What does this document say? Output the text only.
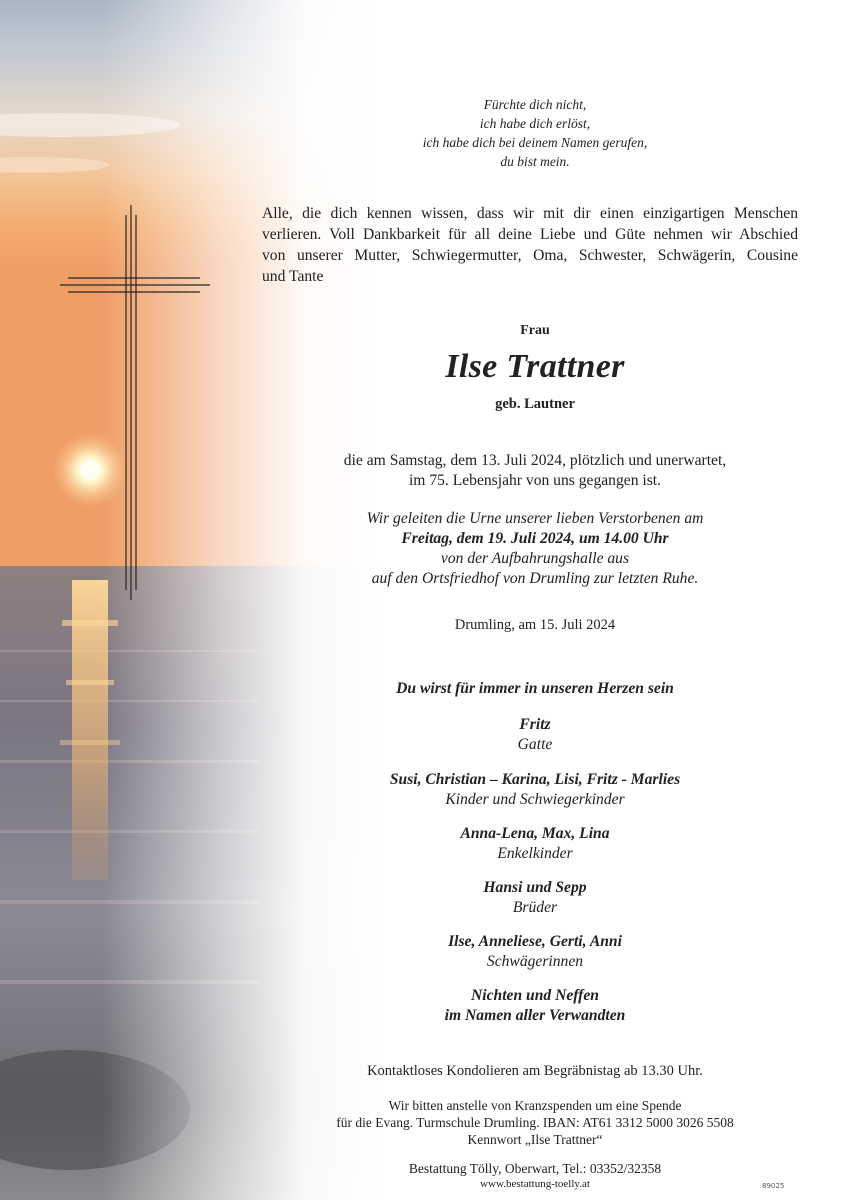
Fürchte dich nicht,
ich habe dich erlöst,
ich habe dich bei deinem Namen gerufen,
du bist mein.
Alle, die dich kennen wissen, dass wir mit dir einen einzigartigen Menschen
verlieren. Voll Dankbarkeit für all deine Liebe und Güte nehmen wir Abschied
von unserer Mutter, Schwiegermutter, Oma, Schwester, Schwägerin, Cousine
und Tante
Frau
Ilse Trattner
geb. Lautner
die am Samstag, dem 13. Juli 2024, plötzlich und unerwartet,
im 75. Lebensjahr von uns gegangen ist.
Wir geleiten die Urne unserer lieben Verstorbenen am
Freitag, dem 19. Juli 2024, um 14.00 Uhr
von der Aufbahrungshalle aus
auf den Ortsfriedhof von Drumling zur letzten Ruhe.
Drumling, am 15. Juli 2024
Du wirst für immer in unseren Herzen sein
Fritz
Gatte
Susi, Christian – Karina, Lisi, Fritz - Marlies
Kinder und Schwiegerkinder
Anna-Lena, Max, Lina
Enkelkinder
Hansi und Sepp
Brüder
Ilse, Anneliese, Gerti, Anni
Schwägerinnen
Nichten und Neffen
im Namen aller Verwandten
Kontaktloses Kondolieren am Begräbnistag ab 13.30 Uhr.
Wir bitten anstelle von Kranzspenden um eine Spende
für die Evang. Turmschule Drumling. IBAN: AT61 3312 5000 3026 5508
Kennwort „Ilse Trattner“
Bestattung Tölly, Oberwart, Tel.: 03352/32358
www.bestattung-toelly.at	89025
